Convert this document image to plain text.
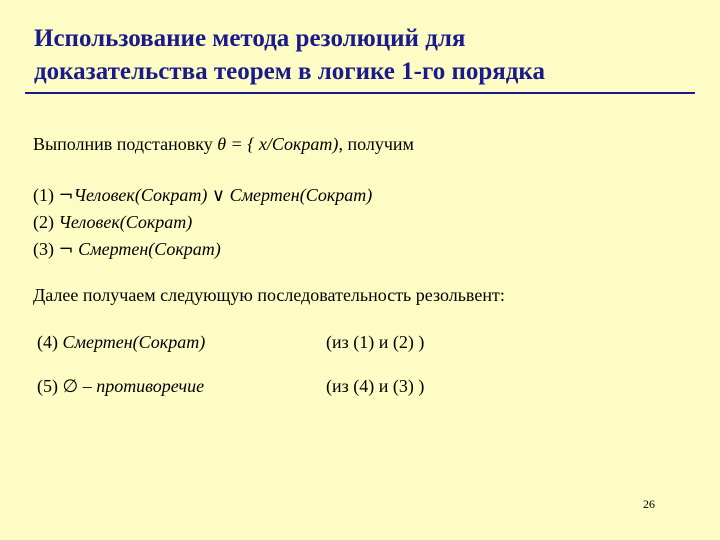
Использование метода резолюций для
доказательства теорем в логике 1-го порядка
Выполнив подстановку θ = { x/Сократ), получим
(1) ¬Человек(Сократ) ∨ Смертен(Сократ)
(2) Человек(Сократ)
(3) ¬ Смертен(Сократ)
Далее получаем следующую последовательность резольвент:
(4) Смертен(Сократ)	(из (1) и (2) )
(5) ∅ – противоречие	(из (4) и (3) )
26
